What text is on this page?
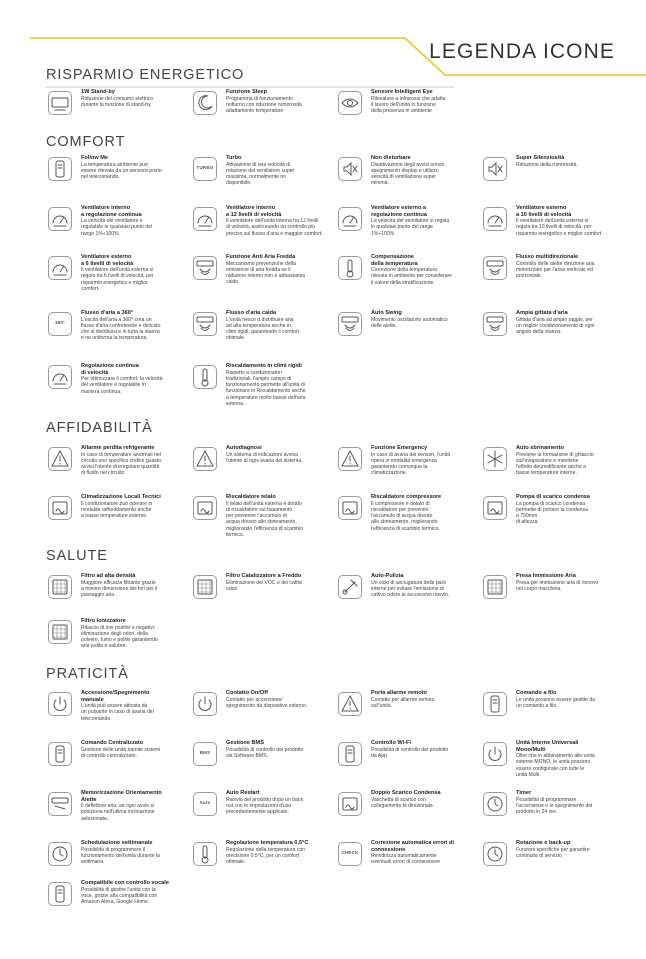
LEGENDA ICONE
RISPARMIO ENERGETICO
COMFORT
AFFIDABILITÀ
SALUTE
PRATICITÀ
1W Stand-by
Riduzione del consumo elettrico
durante la funzione di stand-by.
Funzione Sleep
Programma di funzionamento
notturno con riduzione rumorosità
adattamento temperature
Sensore Intelligent Eye
Rilevatore a infrarossi che adatta
il lavoro dell'unità in funzione
della presenza in ambiente
Follow Me
La temperatura ambiente può
essere rilevata da un sensore posto
nel telecomando.
TURBO
Turbo
Attivazione di una velocità di
rotazione del ventilatore super
massima, normalmente no
disponibile.
Non disturbare
Disattivazione degli avvisi sonori,
spegnimento display e utilizzo
velocità di ventilazione super
minima.
Super Silenziosità
Riduzione della rumorosità.
Ventilatore interno
a regolazione continua
La velocità del ventilatore è
regolabile in qualsiasi punto del
range 1%÷100%
Ventilatore interno
a 12 livelli di velocità
Il ventilatore dell'unità interna ha 12 livelli
di velocità, assicurando un controllo più
preciso sul flusso d'aria e maggior comfort.
Ventilatore esterno a
regolazione continua
La velocità del ventilatore si regola
in qualsiasi punto del range
1%÷100%
Ventilatore esterno
a 10 livelli di velocità
Il ventilatore dell'unità esterna si
regola tra 10 livelli di velocità, per
risparmio energetico e miglior comfort.
Ventilatore esterno
a 6 livelli di velocità
Il ventilatore dell'unità esterna si
regola tra 6 livelli di velocità, per
risparmio energetico e miglior
comfort.
Funzione Anti Aria Fredda
Meccanismo prevenzione della
emissione di aria fredda se il
radiatore interno non è abbastanza
caldo.
Compensazione
della temperatura
Correzione della temperatura
rilevata in ambiente per considerare
il valore della stratificazione.
Flusso multidirezionale
Controllo delle alette direzione aria
motorizzato per l'asse verticale ed
orizzontale.
360°
Flusso d'aria a 360°
L'uscita dell'aria a 360° crea un
flusso d'aria confortevole e delicato
che si distribuisce in tutta la stanza
e ne uniforma la temperatura.
Flusso d'aria calda
L'unità riesce a distribuire aria
ad alta temperatura anche in
climi rigidi, garantendo il comfort
ottimale.
Auto Swing
Movimento oscillatorio automatico
delle alette.
Ampia gittata d'aria
Gittata d'aria ad ampio raggio, per
un miglior condizionamento di ogni
angolo della stanza.
Regolazione continua
di velocità
Per ottimizzare il comfort, la velocità
del ventilatore è regolabile in
maniera continua.
Riscaldamento in climi rigidi
Rispetto a condizionatori
tradizionali, l'ampio campo di
funzionamento permette all'unità di
funzionare in Riscaldamento anche
a temperature molto basse dell'aria
esterna.
Allarme perdita refrigerante
In caso di temperature anormali nel
circuito uno specifico codice guasto
avvisi l'utente di irregolare quantità
di fluido nel circuito.
Autodiagnosi
Un sistema di indicazioni avvisa
l'utente di ogni avaria del sistema.
Funzione Emergency
In caso di avaria dei sensori, l'unità
opera in modalità emergenza
garantendo comunque la
climatizzazione.
Auto sbrinamento
Previene la formazione di ghiaccio
sull'evaporatore e mantiene
l'effetto deumidificante anche a
basse temperature interne.
Climatizzazione Locali Tecnici
Il condizionatore può operare in
modalità raffreddamento anche
a basse temperature esterne.
Riscaldatore telaio
Il telaio dell'unità esterna è dotato
di riscaldatore sul basamento
per prevenire l'accumulo di
acqua dovuto allo sbrinamento,
migliorando l'efficienza di scambio
termico.
Riscaldatore compressore
Il compressore è dotato di
riscaldatore per prevenire
l'accumulo di acqua dovuto
allo sbrinamento, migliorando
l'efficienza di scambio termico.
Pompa di scarico condensa
La pompa di scarico condensa
permette di portare la condensa
a 750mm
di altezza
Filtro ad alta densità
Maggiore efficacia filtrante grazie
a minore dimensione dei fori per il
passaggio aria.
Filtro Catalizzatore a Freddo
Eliminazione dei VOC e dei cattivi
odori.
Auto-Pulizia
Un ciclo di asciugatura delle parti
interne per evitare l'emissione di
cattivo odore al successivo riavvio.
Presa Immissione Aria
Presa per immissione aria di rinnovo
nel corpo macchina.
Filtro Ionizzatore
Rilascio di ioni positivi e negativi,
eliminazione degli odori, della
polvere, fumo e pollini garantendo
aria pulita e salubre.
Accensione/Spegnimento
manuale
L'unità può essere attivata da
un pulsante in caso di avaria del
telecomando
Contatto On/Off
Contatto per accensione/
spegnimento da dispositivo esterno.
Porta allarme remoto
Contatto per allarme remoto
sull'unità.
Comando a filo
Le unità possono essere gestite da
un comando a filo.
Comando Centralizzato
Gestione delle unità tramite sistemi
di controllo centralizzato.
BMS
Gestione BMS
Possibilità di controllo del prodotto
via Software BMS.
Controllo Wi-Fi
Possibilità di controllo del prodotto
da App
Unità Interne Universali
Mono/Multi
Oltre che in abbinamento alle unità
esterne MONO, le unità possono
essere configurate con tutte le
unità Multi.
Memorizzazione Orientamento
Alette
Il deflettore aria, ad ogni avvio si
posiziona nell'ultima inclinazione
selezionata.
Auto
Auto Restart
Riavvio del prodotto dopo un back
out con le impostazioni d'uso
precedentemente applicate.
Doppio Scarico Condensa
Vaschetta di scarico con
collegamento bi direzionale.
Timer
Possibilità di programmare
l'accensione e lo spegnimento del
prodotto in 24 ore.
Schedulazione settimanale
Possibilità di programmare il
funzionamento dell'unità durante la
settimana.
Regolazione temperatura 0,5°C
Regolazione della temperatura con
precisione 0,5°C, per un comfort
ottimale.
CHECK
Correzione automatica errori di
connessione
Reindirizza automaticamente
eventuali errori di connessione
Rotazione e back-up
Funzioni specifiche per garantire
continuità di servizio
Compatibile con controllo vocale
Possibilità di gestire l'unità con la
voce, grazie alla compatibilità con
Amazon Alexa, Google Home.
